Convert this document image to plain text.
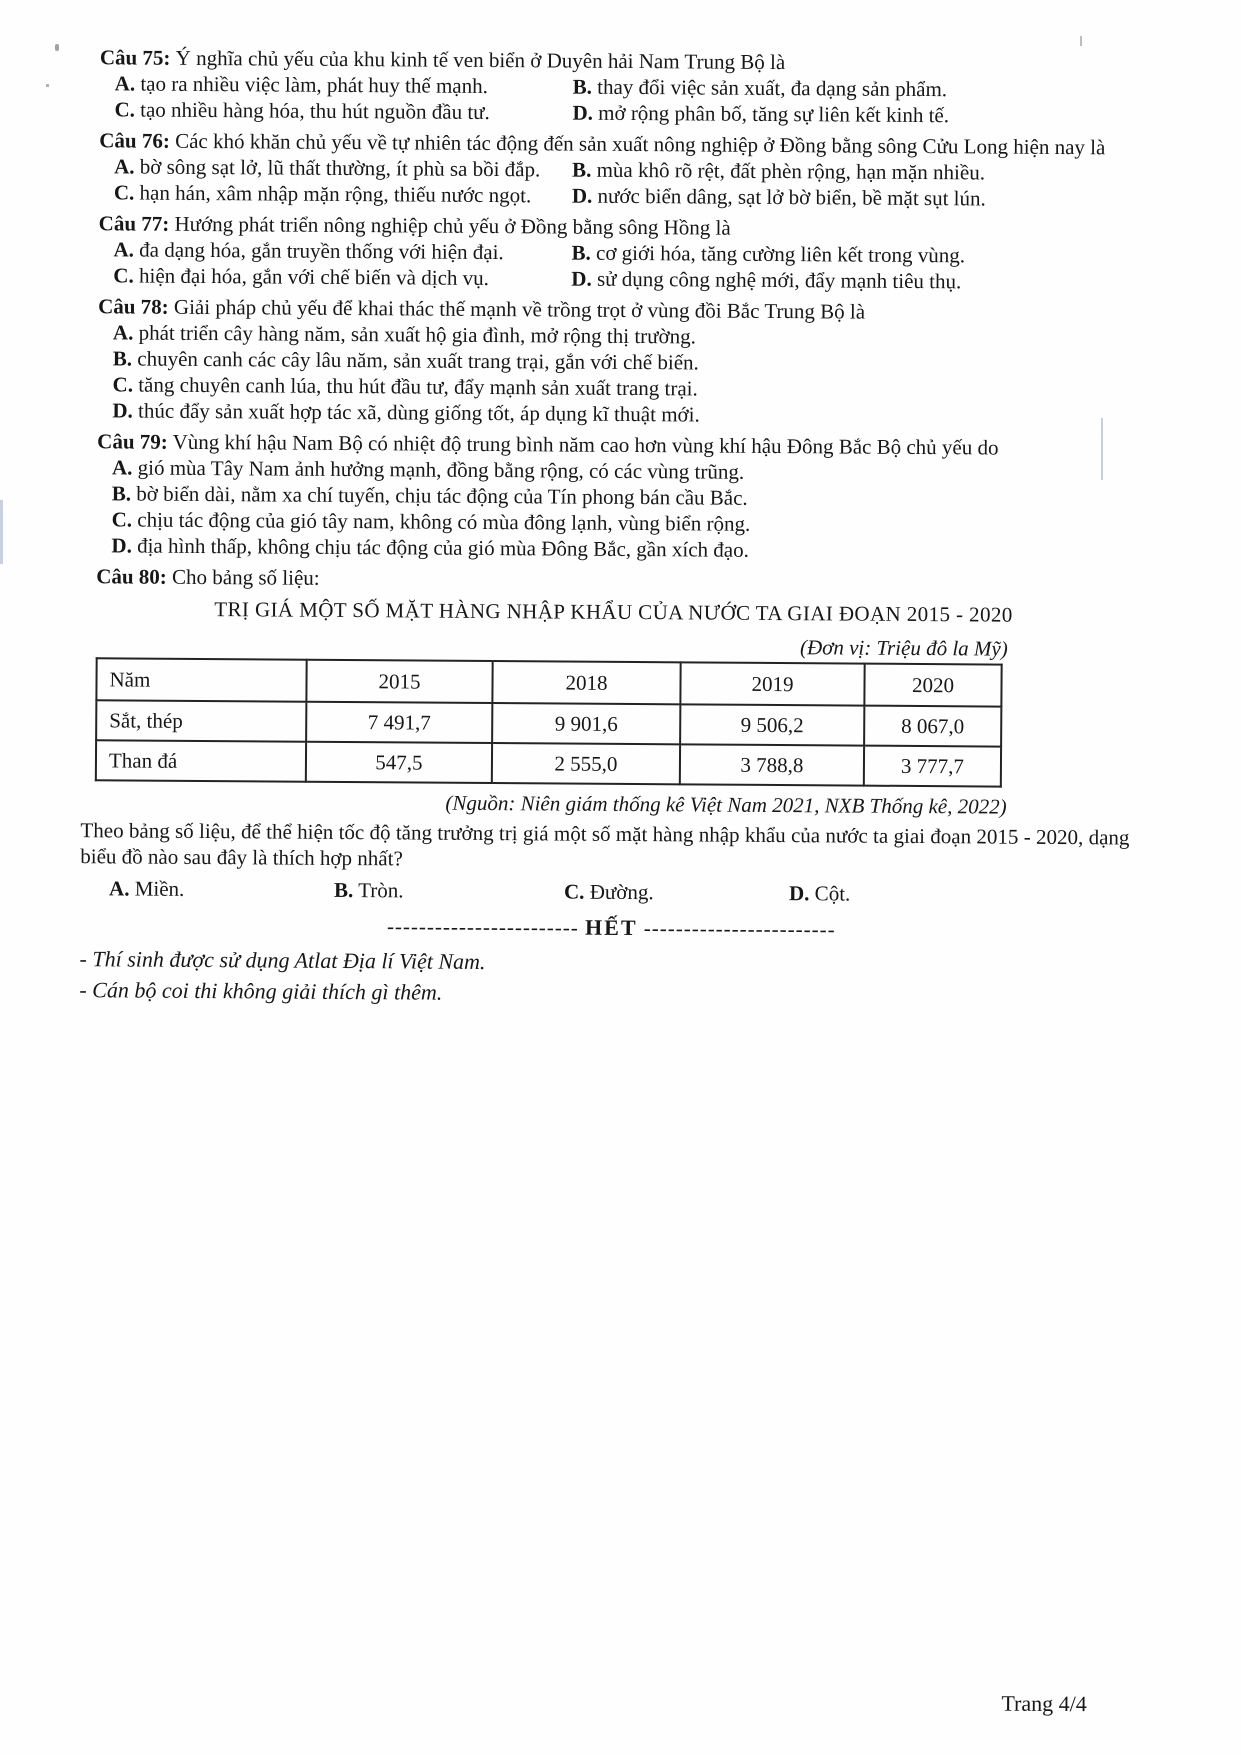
Câu 75: Ý nghĩa chủ yếu của khu kinh tế ven biển ở Duyên hải Nam Trung Bộ là
A. tạo ra nhiều việc làm, phát huy thế mạnh.	B. thay đổi việc sản xuất, đa dạng sản phẩm.
C. tạo nhiều hàng hóa, thu hút nguồn đầu tư.	D. mở rộng phân bố, tăng sự liên kết kinh tế.
Câu 76: Các khó khăn chủ yếu về tự nhiên tác động đến sản xuất nông nghiệp ở Đồng bằng sông Cửu Long hiện nay là
A. bờ sông sạt lở, lũ thất thường, ít phù sa bồi đắp.	B. mùa khô rõ rệt, đất phèn rộng, hạn mặn nhiều.
C. hạn hán, xâm nhập mặn rộng, thiếu nước ngọt.	D. nước biển dâng, sạt lở bờ biển, bề mặt sụt lún.
Câu 77: Hướng phát triển nông nghiệp chủ yếu ở Đồng bằng sông Hồng là
A. đa dạng hóa, gắn truyền thống với hiện đại.	B. cơ giới hóa, tăng cường liên kết trong vùng.
C. hiện đại hóa, gắn với chế biến và dịch vụ.	D. sử dụng công nghệ mới, đẩy mạnh tiêu thụ.
Câu 78: Giải pháp chủ yếu để khai thác thế mạnh về trồng trọt ở vùng đồi Bắc Trung Bộ là
A. phát triển cây hàng năm, sản xuất hộ gia đình, mở rộng thị trường.
B. chuyên canh các cây lâu năm, sản xuất trang trại, gắn với chế biến.
C. tăng chuyên canh lúa, thu hút đầu tư, đẩy mạnh sản xuất trang trại.
D. thúc đẩy sản xuất hợp tác xã, dùng giống tốt, áp dụng kĩ thuật mới.
Câu 79: Vùng khí hậu Nam Bộ có nhiệt độ trung bình năm cao hơn vùng khí hậu Đông Bắc Bộ chủ yếu do
A. gió mùa Tây Nam ảnh hưởng mạnh, đồng bằng rộng, có các vùng trũng.
B. bờ biển dài, nằm xa chí tuyến, chịu tác động của Tín phong bán cầu Bắc.
C. chịu tác động của gió tây nam, không có mùa đông lạnh, vùng biển rộng.
D. địa hình thấp, không chịu tác động của gió mùa Đông Bắc, gần xích đạo.
Câu 80: Cho bảng số liệu:
TRỊ GIÁ MỘT SỐ MẶT HÀNG NHẬP KHẨU CỦA NƯỚC TA GIAI ĐOẠN 2015 - 2020
(Đơn vị: Triệu đô la Mỹ)
Năm	2015	2018	2019	2020
Sắt, thép	7 491,7	9 901,6	9 506,2	8 067,0
Than đá	547,5	2 555,0	3 788,8	3 777,7
(Nguồn: Niên giám thống kê Việt Nam 2021, NXB Thống kê, 2022)
Theo bảng số liệu, để thể hiện tốc độ tăng trưởng trị giá một số mặt hàng nhập khẩu của nước ta giai đoạn 2015 - 2020, dạng biểu đồ nào sau đây là thích hợp nhất?
A. Miền.	B. Tròn.	C. Đường.	D. Cột.
------------------------ HẾT ------------------------
- Thí sinh được sử dụng Atlat Địa lí Việt Nam.
- Cán bộ coi thi không giải thích gì thêm.
Trang 4/4
